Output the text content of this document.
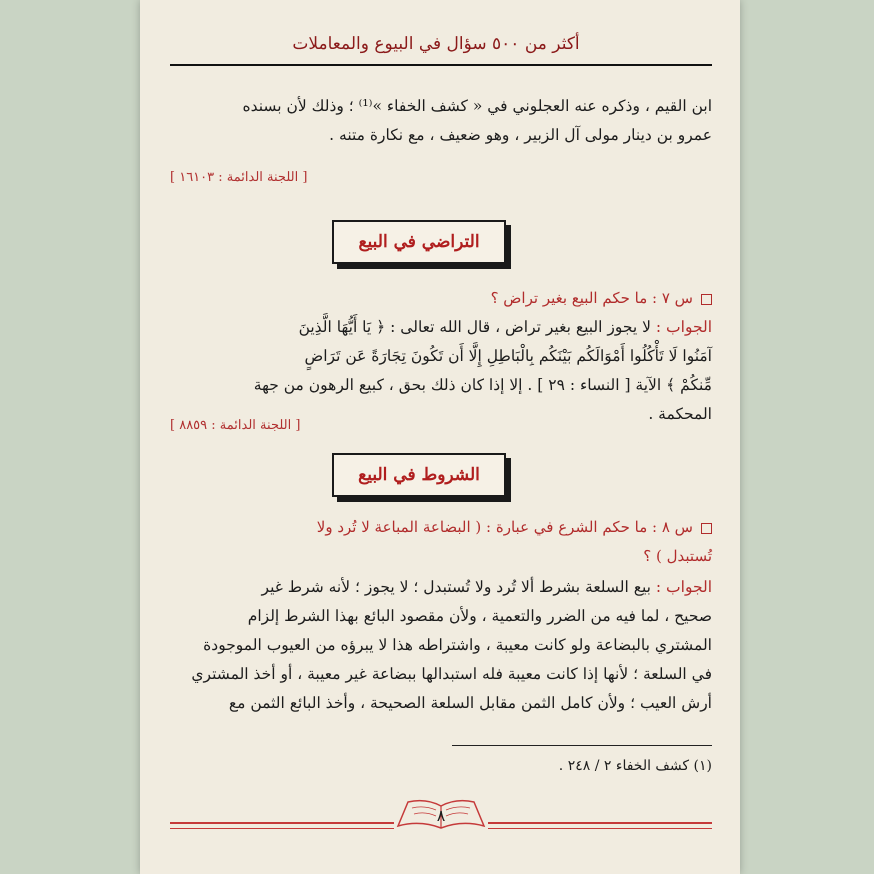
أكثر من ٥٠٠ سؤال في البيوع والمعاملات
ابن القيم ، وذكره عنه العجلوني في « كشف الخفاء »⁽¹⁾ ؛ وذلك لأن بسنده
عمرو بن دينار مولى آل الزبير ، وهو ضعيف ، مع نكارة متنه .
[ اللجنة الدائمة : ١٦١٠٣ ]
التراضي في البيع
س ٧ : ما حكم البيع بغير تراض ؟
الجواب : لا يجوز البيع بغير تراض ، قال الله تعالى : ﴿ يَا أَيُّهَا الَّذِينَ
آمَنُوا لَا تَأْكُلُوا أَمْوَالَكُم بَيْنَكُم بِالْبَاطِلِ إِلَّا أَن تَكُونَ تِجَارَةً عَن تَرَاضٍ
مِّنكُمْ ﴾ الآية [ النساء : ٢٩ ] . إلا إذا كان ذلك بحق ، كبيع الرهون من جهة
المحكمة .
[ اللجنة الدائمة : ٨٨٥٩ ]
الشروط في البيع
س ٨ : ما حكم الشرع في عبارة : ( البضاعة المباعة لا تُرد ولا
تُستبدل ) ؟
الجواب : بيع السلعة بشرط ألا تُرد ولا تُستبدل ؛ لا يجوز ؛ لأنه شرط غير
صحيح ، لما فيه من الضرر والتعمية ، ولأن مقصود البائع بهذا الشرط إلزام
المشتري بالبضاعة ولو كانت معيبة ، واشتراطه هذا لا يبرؤه من العيوب الموجودة
في السلعة ؛ لأنها إذا كانت معيبة فله استبدالها ببضاعة غير معيبة ، أو أخذ المشتري
أرش العيب ؛ ولأن كامل الثمن مقابل السلعة الصحيحة ، وأخذ البائع الثمن مع
(١) كشف الخفاء ٢ / ٢٤٨ .
٨
